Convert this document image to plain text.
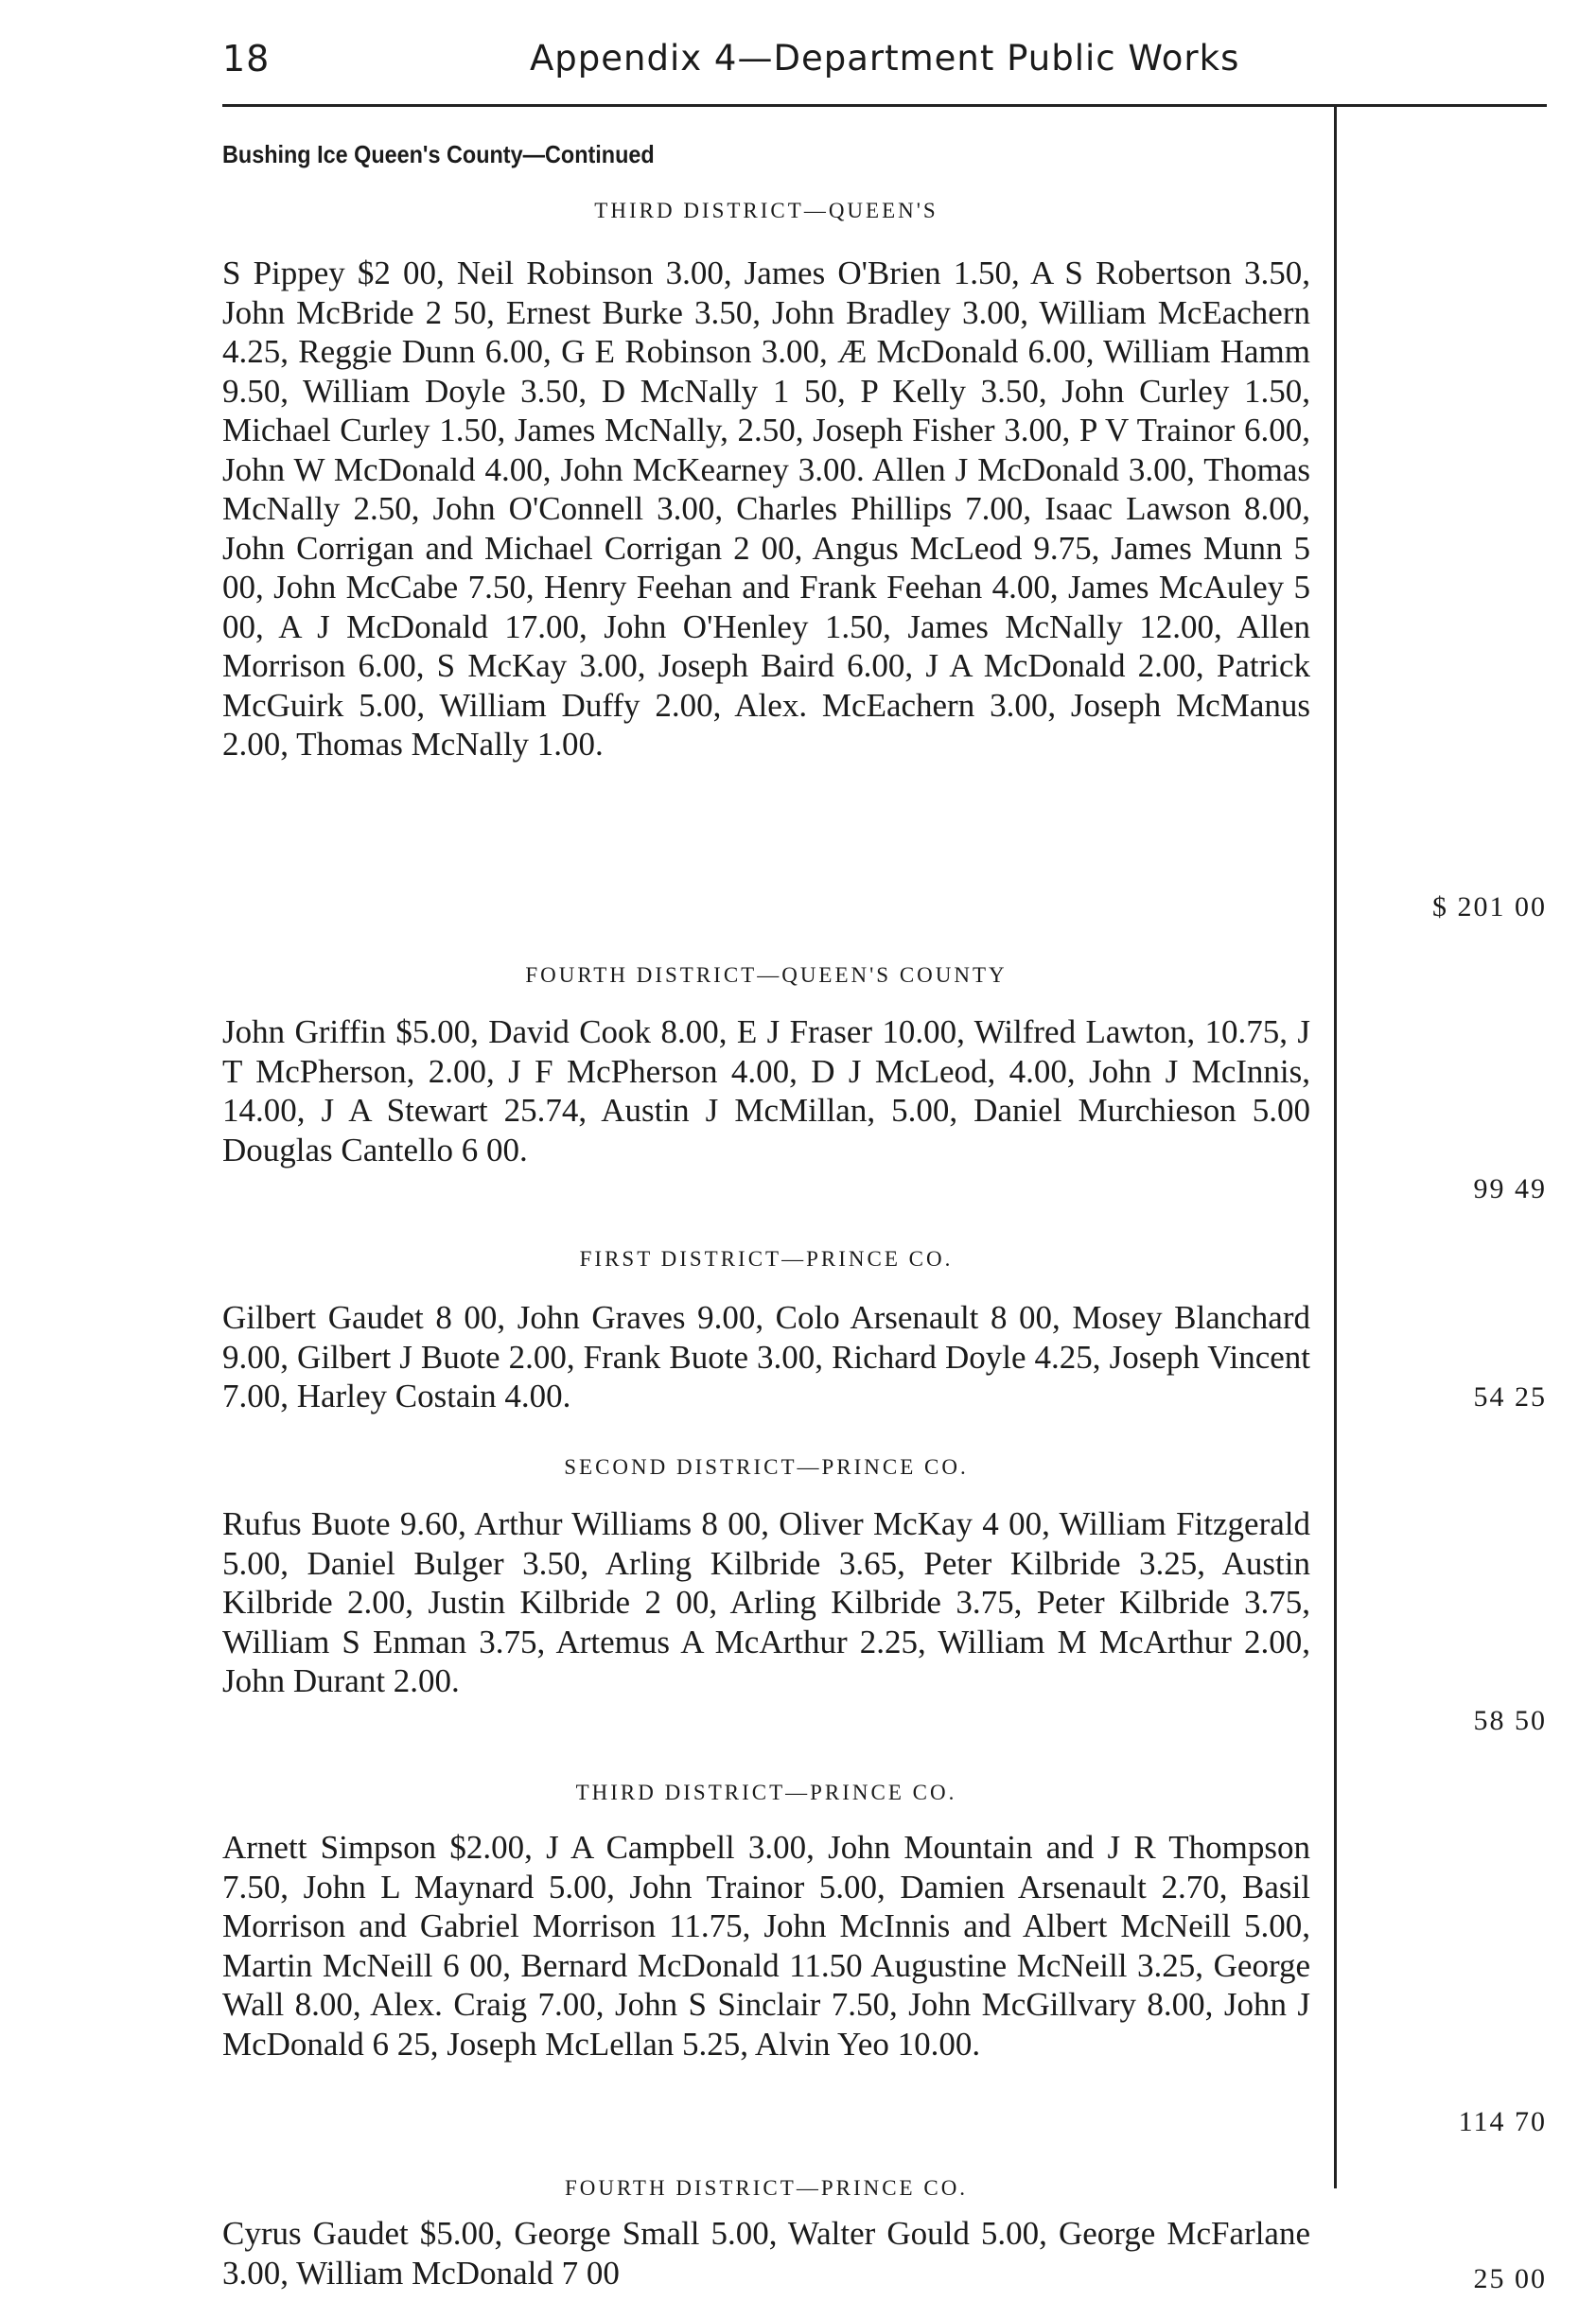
18	Appendix 4—Department Public Works
Bushing Ice Queen's County—Continued
THIRD DISTRICT—QUEEN'S
S Pippey $2 00, Neil Robinson 3.00, James O'Brien 1.50, A S Robertson 3.50, John McBride 2 50, Ernest Burke 3.50, John Bradley 3.00, William McEachern 4.25, Reggie Dunn 6.00, G E Robinson 3.00, Æ McDonald 6.00, William Hamm 9.50, William Doyle 3.50, D McNally 1 50, P Kelly 3.50, John Curley 1.50, Michael Curley 1.50, James McNally, 2.50, Joseph Fisher 3.00, P V Trainor 6.00, John W McDonald 4.00, John McKearney 3.00. Allen J McDonald 3.00, Thomas McNally 2.50, John O'Connell 3.00, Charles Phillips 7.00, Isaac Lawson 8.00, John Corrigan and Michael Corrigan 2 00, Angus McLeod 9.75, James Munn 5 00, John McCabe 7.50, Henry Feehan and Frank Feehan 4.00, James McAuley 5 00, A J McDonald 17.00, John O'Henley 1.50, James McNally 12.00, Allen Morrison 6.00, S McKay 3.00, Joseph Baird 6.00, J A McDonald 2.00, Patrick McGuirk 5.00, William Duffy 2.00, Alex. McEachern 3.00, Joseph McManus 2.00, Thomas McNally 1.00.
$ 201 00
FOURTH DISTRICT—QUEEN'S COUNTY
John Griffin $5.00, David Cook 8.00, E J Fraser 10.00, Wilfred Lawton, 10.75, J T McPherson, 2.00, J F McPherson 4.00, D J McLeod, 4.00, John J McInnis, 14.00, J A Stewart 25.74, Austin J McMillan, 5.00, Daniel Murchieson 5.00 Douglas Cantello 6 00.
99 49
FIRST DISTRICT—PRINCE CO.
Gilbert Gaudet 8 00, John Graves 9.00, Colo Arsenault 8 00, Mosey Blanchard 9.00, Gilbert J Buote 2.00, Frank Buote 3.00, Richard Doyle 4.25, Joseph Vincent 7.00, Harley Costain 4.00.	54 25
SECOND DISTRICT—PRINCE CO.
Rufus Buote 9.60, Arthur Williams 8 00, Oliver McKay 4 00, William Fitzgerald 5.00, Daniel Bulger 3.50, Arling Kilbride 3.65, Peter Kilbride 3.25, Austin Kilbride 2.00, Justin Kilbride 2 00, Arling Kilbride 3.75, Peter Kilbride 3.75, William S Enman 3.75, Artemus A McArthur 2.25, William M McArthur 2.00, John Durant 2.00.
58 50
THIRD DISTRICT—PRINCE CO.
Arnett Simpson $2.00, J A Campbell 3.00, John Mountain and J R Thompson 7.50, John L Maynard 5.00, John Trainor 5.00, Damien Arsenault 2.70, Basil Morrison and Gabriel Morrison 11.75, John McInnis and Albert McNeill 5.00, Martin McNeill 6 00, Bernard McDonald 11.50 Augustine McNeill 3.25, George Wall 8.00, Alex. Craig 7.00, John S Sinclair 7.50, John McGillvary 8.00, John J McDonald 6 25, Joseph McLellan 5.25, Alvin Yeo 10.00.
114 70
FOURTH DISTRICT—PRINCE CO.
Cyrus Gaudet $5.00, George Small 5.00, Walter Gould 5.00, George McFarlane 3.00, William McDonald 7 00	25 00
